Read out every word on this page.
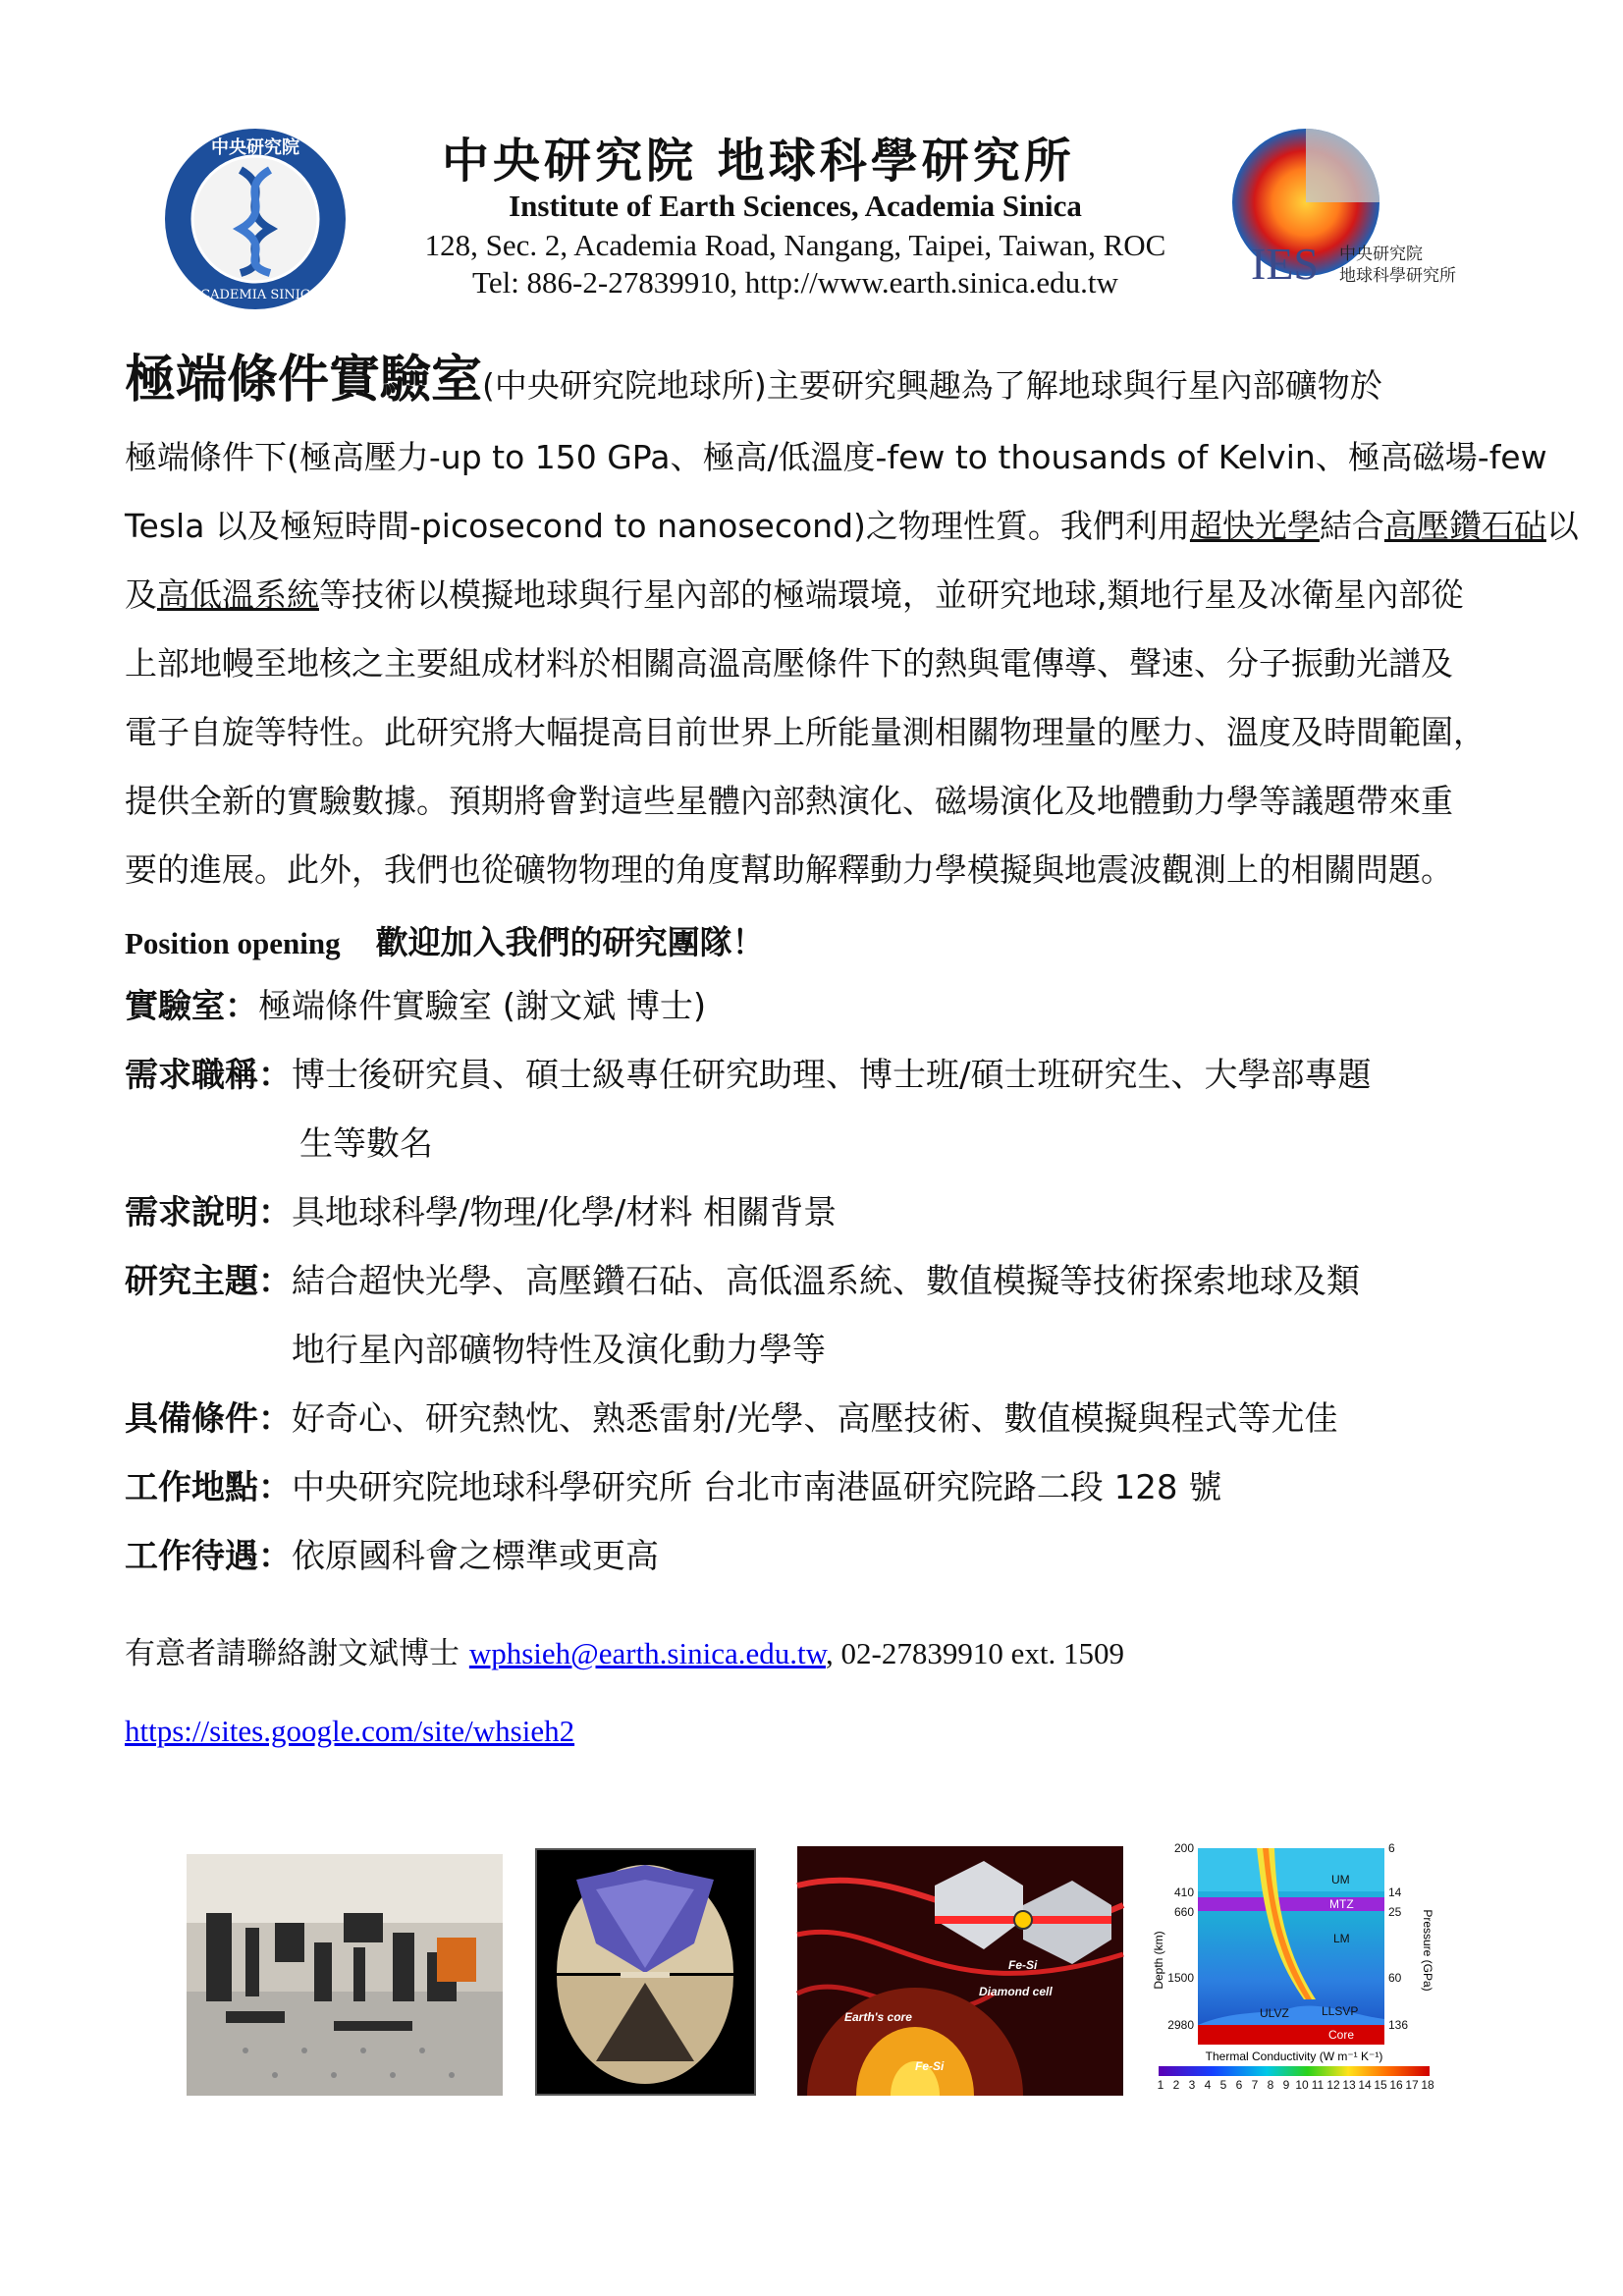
中央研究院
ACADEMIA SINICA
中央研究院 地球科學研究所
Institute of Earth Sciences, Academia Sinica
128, Sec. 2, Academia Road, Nangang, Taipei, Taiwan, ROC
Tel: 886-2-27839910, http://www.earth.sinica.edu.tw	IES 中央研究院
地球科學研究所
極端條件實驗室(中央研究院地球所)主要研究興趣為了解地球與行星內部礦物於
極端條件下(極高壓力-up to 150 GPa、極高/低溫度-few to thousands of Kelvin、極高磁場-few
Tesla 以及極短時間-picosecond to nanosecond)之物理性質。我們利用超快光學結合高壓鑽石砧以
及高低溫系統等技術以模擬地球與行星內部的極端環境，並研究地球,類地行星及冰衛星內部從
上部地幔至地核之主要組成材料於相關高溫高壓條件下的熱與電傳導、聲速、分子振動光譜及
電子自旋等特性。此研究將大幅提高目前世界上所能量測相關物理量的壓力、溫度及時間範圍，
提供全新的實驗數據。預期將會對這些星體內部熱演化、磁場演化及地體動力學等議題帶來重
要的進展。此外，我們也從礦物物理的角度幫助解釋動力學模擬與地震波觀測上的相關問題。
Position opening 歡迎加入我們的研究團隊！
實驗室： 極端條件實驗室 (謝文斌 博士)
需求職稱： 博士後研究員、碩士級專任研究助理、博士班/碩士班研究生、大學部專題
生等數名
需求說明： 具地球科學/物理/化學/材料 相關背景
研究主題： 結合超快光學、高壓鑽石砧、高低溫系統、數值模擬等技術探索地球及類
地行星內部礦物特性及演化動力學等
具備條件： 好奇心、研究熱忱、熟悉雷射/光學、高壓技術、數值模擬與程式等尤佳
工作地點： 中央研究院地球科學研究所 台北市南港區研究院路二段 128 號
工作待遇： 依原國科會之標準或更高
有意者請聯絡謝文斌博士 wphsieh@earth.sinica.edu.tw, 02-27839910 ext. 1509
https://sites.google.com/site/whsieh2
Fe-Si
Diamond cell
Earth's core
Fe-Si
UM
MTZ
LM
ULVZ	LLSVP
Core
200
410
660
1500
2980
6
14
25
60
136
Depth (km)	Pressure (GPa)
Thermal Conductivity (W m⁻¹ K⁻¹)
1 2 3 4 5 6 7 8 9 10 11 12 13 14 15 16 17 18
